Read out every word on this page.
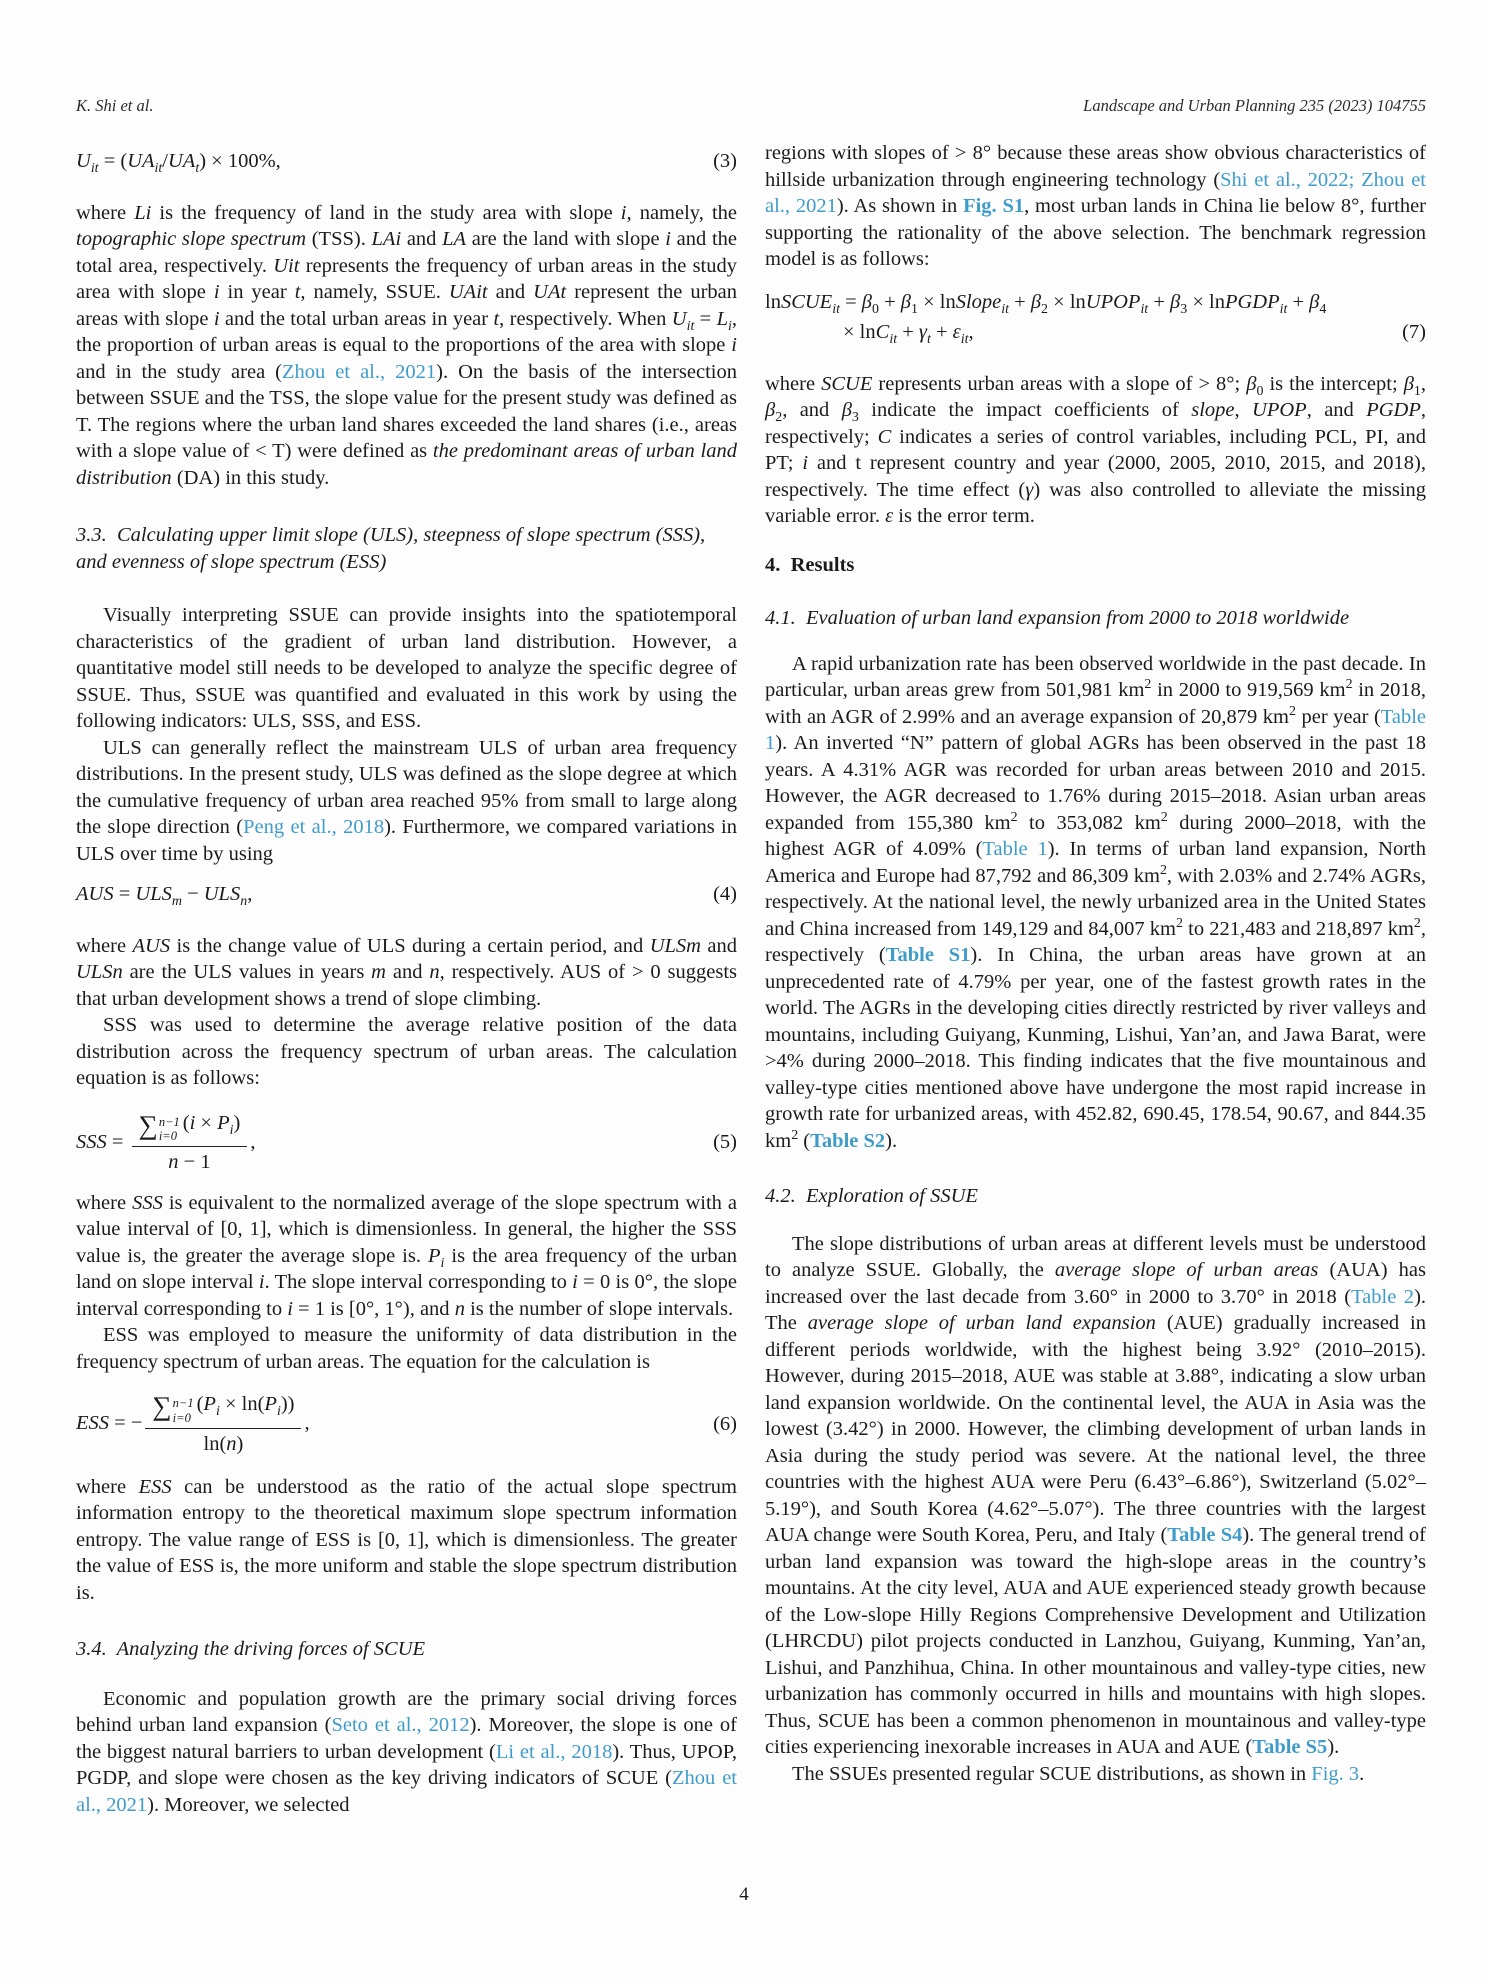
K. Shi et al.	Landscape and Urban Planning 235 (2023) 104755
$U_{it} = (UA_{it}/UA_t) \times 100\%$,	(3)

where Li is the frequency of land in the study area with slope i, namely, the topographic slope spectrum (TSS). LAi and LA are the land with slope i and the total area, respectively. Uit represents the frequency of urban areas in the study area with slope i in year t, namely, SSUE. UAit and UAt represent the urban areas with slope i and the total urban areas in year t, respectively. When $U_{it} = L_i$, the proportion of urban areas is equal to the proportions of the area with slope i and in the study area (Zhou et al., 2021). On the basis of the intersection between SSUE and the TSS, the slope value for the present study was defined as T. The regions where the urban land shares exceeded the land shares (i.e., areas with a slope value of < T) were defined as the predominant areas of urban land distribution (DA) in this study.

3.3.  Calculating upper limit slope (ULS), steepness of slope spectrum (SSS), and evenness of slope spectrum (ESS)

Visually interpreting SSUE can provide insights into the spatiotemporal characteristics of the gradient of urban land distribution. However, a quantitative model still needs to be developed to analyze the specific degree of SSUE. Thus, SSUE was quantified and evaluated in this work by using the following indicators: ULS, SSS, and ESS.

ULS can generally reflect the mainstream ULS of urban area frequency distributions. In the present study, ULS was defined as the slope degree at which the cumulative frequency of urban area reached 95% from small to large along the slope direction (Peng et al., 2018). Furthermore, we compared variations in ULS over time by using

AUS = $ULS_m - ULS_n$,	(4)

where AUS is the change value of ULS during a certain period, and ULSm and ULSn are the ULS values in years m and n, respectively. AUS of > 0 suggests that urban development shows a trend of slope climbing.

SSS was used to determine the average relative position of the data distribution across the frequency spectrum of urban areas. The calculation equation is as follows:

SSS = ∑ n−1
i=0
$(i \times P_i)$
n − 1 ,	(5)

where SSS is equivalent to the normalized average of the slope spectrum with a value interval of [0, 1], which is dimensionless. In general, the higher the SSS value is, the greater the average slope is. $P_i$ is the area frequency of the urban land on slope interval i. The slope interval corresponding to i = 0 is 0°, the slope interval corresponding to i = 1 is [0°, 1°), and n is the number of slope intervals.

ESS was employed to measure the uniformity of data distribution in the frequency spectrum of urban areas. The equation for the calculation is

ESS = − ∑ n−1
i=0
$(P_i \times \ln(P_i))$
ln(n) ,	(6)

where ESS can be understood as the ratio of the actual slope spectrum information entropy to the theoretical maximum slope spectrum information entropy. The value range of ESS is [0, 1], which is dimensionless. The greater the value of ESS is, the more uniform and stable the slope spectrum distribution is.

3.4.  Analyzing the driving forces of SCUE

Economic and population growth are the primary social driving forces behind urban land expansion (Seto et al., 2012). Moreover, the slope is one of the biggest natural barriers to urban development (Li et al., 2018). Thus, UPOP, PGDP, and slope were chosen as the key driving indicators of SCUE (Zhou et al., 2021). Moreover, we selected

regions with slopes of > 8° because these areas show obvious characteristics of hillside urbanization through engineering technology (Shi et al., 2022; Zhou et al., 2021). As shown in Fig. S1, most urban lands in China lie below 8°, further supporting the rationality of the above selection. The benchmark regression model is as follows:

lnSCUE$_{it}$ = $\beta_0 + \beta_1$ × lnSlope$_{it}$ + $\beta_2$ × lnUPOP$_{it}$ + $\beta_3$ × lnPGDP$_{it}$ + $\beta_4$
× $\ln C_{it} + \gamma_t + \varepsilon_{it}$,	(7)

where SCUE represents urban areas with a slope of > 8°; $\beta_0$ is the intercept; $\beta_1$, $\beta_2$, and $\beta_3$ indicate the impact coefficients of slope, UPOP, and PGDP, respectively; C indicates a series of control variables, including PCL, PI, and PT; i and t represent country and year (2000, 2005, 2010, 2015, and 2018), respectively. The time effect (γ) was also controlled to alleviate the missing variable error. ε is the error term.

4.  Results

4.1.  Evaluation of urban land expansion from 2000 to 2018 worldwide

A rapid urbanization rate has been observed worldwide in the past decade. In particular, urban areas grew from 501,981 $km^2$ in 2000 to 919,569 $km^2$ in 2018, with an AGR of 2.99% and an average expansion of 20,879 $km^2$ per year (Table 1). An inverted “N” pattern of global AGRs has been observed in the past 18 years. A 4.31% AGR was recorded for urban areas between 2010 and 2015. However, the AGR decreased to 1.76% during 2015–2018. Asian urban areas expanded from 155,380 $km^2$ to 353,082 $km^2$ during 2000–2018, with the highest AGR of 4.09% (Table 1). In terms of urban land expansion, North America and Europe had 87,792 and 86,309 $km^2$, with 2.03% and 2.74% AGRs, respectively. At the national level, the newly urbanized area in the United States and China increased from 149,129 and 84,007 $km^2$ to 221,483 and 218,897 $km^2$, respectively (Table S1). In China, the urban areas have grown at an unprecedented rate of 4.79% per year, one of the fastest growth rates in the world. The AGRs in the developing cities directly restricted by river valleys and mountains, including Guiyang, Kunming, Lishui, Yan’an, and Jawa Barat, were >4% during 2000–2018. This finding indicates that the five mountainous and valley-type cities mentioned above have undergone the most rapid increase in growth rate for urbanized areas, with 452.82, 690.45, 178.54, 90.67, and 844.35 $km^2$ (Table S2).

4.2.  Exploration of SSUE

The slope distributions of urban areas at different levels must be understood to analyze SSUE. Globally, the average slope of urban areas (AUA) has increased over the last decade from 3.60° in 2000 to 3.70° in 2018 (Table 2). The average slope of urban land expansion (AUE) gradually increased in different periods worldwide, with the highest being 3.92° (2010–2015). However, during 2015–2018, AUE was stable at 3.88°, indicating a slow urban land expansion worldwide. On the continental level, the AUA in Asia was the lowest (3.42°) in 2000. However, the climbing development of urban lands in Asia during the study period was severe. At the national level, the three countries with the highest AUA were Peru (6.43°–6.86°), Switzerland (5.02°–5.19°), and South Korea (4.62°–5.07°). The three countries with the largest AUA change were South Korea, Peru, and Italy (Table S4). The general trend of urban land expansion was toward the high-slope areas in the country’s mountains. At the city level, AUA and AUE experienced steady growth because of the Low-slope Hilly Regions Comprehensive Development and Utilization (LHRCDU) pilot projects conducted in Lanzhou, Guiyang, Kunming, Yan’an, Lishui, and Panzhihua, China. In other mountainous and valley-type cities, new urbanization has commonly occurred in hills and mountains with high slopes. Thus, SCUE has been a common phenomenon in mountainous and valley-type cities experiencing inexorable increases in AUA and AUE (Table S5).

The SSUEs presented regular SCUE distributions, as shown in Fig. 3.

4
